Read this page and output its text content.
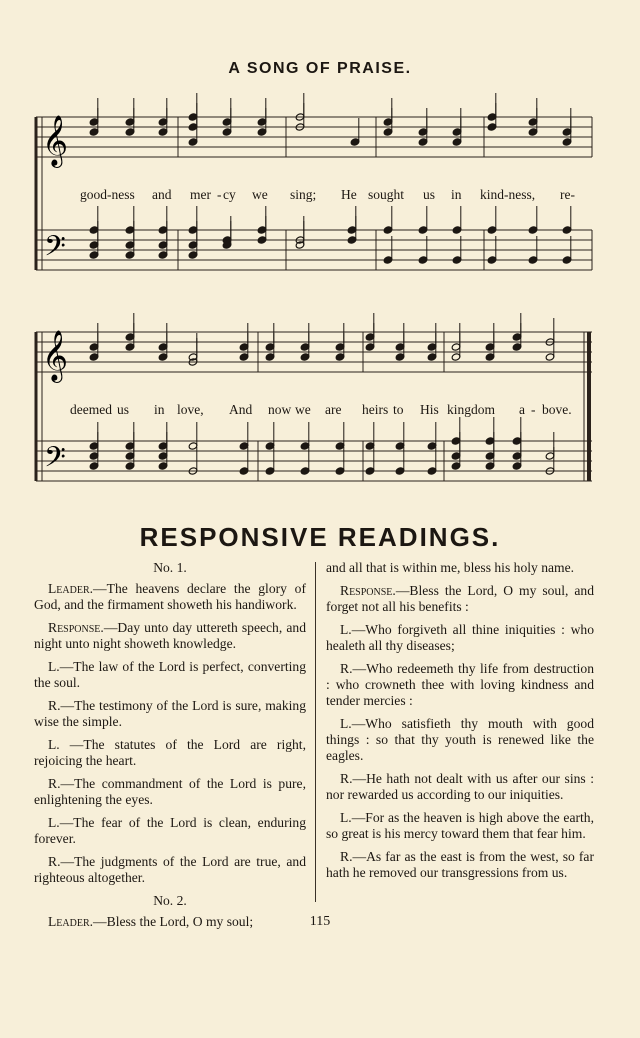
A SONG OF PRAISE.
𝄞
𝄢
𝄞
𝄢
good-ness and mer - cy we sing; He sought us in kind-ness, re-
deemed us in love, And now we are heirs to His kingdom a - bove.
RESPONSIVE READINGS.

No. 1.

Leader.—The heavens declare the glory of God, and the firmament showeth his handiwork.

Response.—Day unto day uttereth speech, and night unto night showeth knowledge.

L.—The law of the Lord is perfect, converting the soul.

R.—The testimony of the Lord is sure, making wise the simple.

L. —The statutes of the Lord are right, rejoicing the heart.

R.—The commandment of the Lord is pure, enlightening the eyes.

L.—The fear of the Lord is clean, enduring forever.

R.—The judgments of the Lord are true, and righteous altogether.

No. 2.

Leader.—Bless the Lord, O my soul;

and all that is within me, bless his holy name.

Response.—Bless the Lord, O my soul, and forget not all his benefits :

L.—Who forgiveth all thine iniquities : who healeth all thy diseases;

R.—Who redeemeth thy life from destruction : who crowneth thee with loving kindness and tender mercies :

L.—Who satisfieth thy mouth with good things : so that thy youth is renewed like the eagles.

R.—He hath not dealt with us after our sins : nor rewarded us according to our iniquities.

L.—For as the heaven is high above the earth, so great is his mercy toward them that fear him.

R.—As far as the east is from the west, so far hath he removed our transgressions from us.

115
